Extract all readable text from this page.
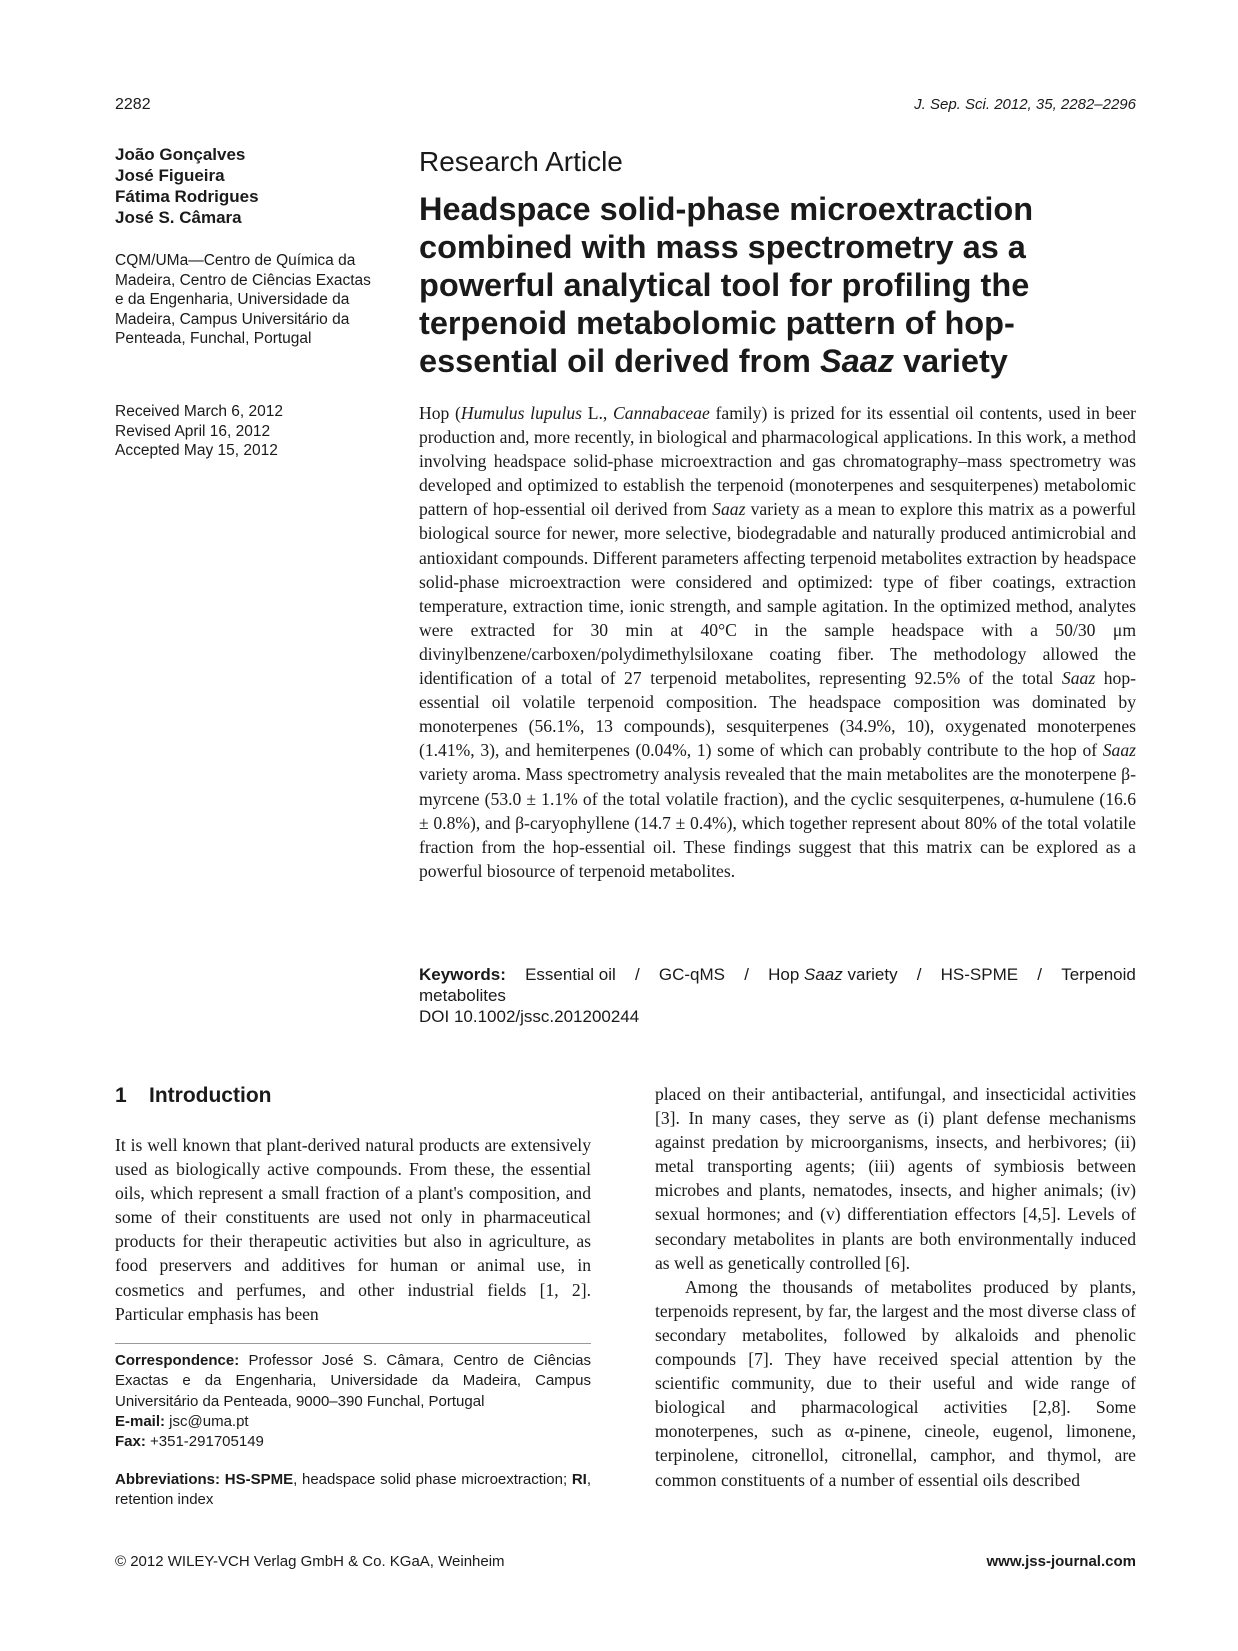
2282	J. Sep. Sci. 2012, 35, 2282–2296
João Gonçalves
José Figueira
Fátima Rodrigues
José S. Câmara
CQM/UMa—Centro de Química da Madeira, Centro de Ciências Exactas e da Engenharia, Universidade da Madeira, Campus Universitário da Penteada, Funchal, Portugal
Received March 6, 2012
Revised April 16, 2012
Accepted May 15, 2012
Research Article
Headspace solid-phase microextraction combined with mass spectrometry as a powerful analytical tool for profiling the terpenoid metabolomic pattern of hop-essential oil derived from Saaz variety
Hop (Humulus lupulus L., Cannabaceae family) is prized for its essential oil contents, used in beer production and, more recently, in biological and pharmacological applications. In this work, a method involving headspace solid-phase microextraction and gas chromatography–mass spectrometry was developed and optimized to establish the terpenoid (monoterpenes and sesquiterpenes) metabolomic pattern of hop-essential oil derived from Saaz variety as a mean to explore this matrix as a powerful biological source for newer, more selective, biodegradable and naturally produced antimicrobial and antioxidant compounds. Different parameters affecting terpenoid metabolites extraction by headspace solid-phase microextraction were considered and optimized: type of fiber coatings, extraction temperature, extraction time, ionic strength, and sample agitation. In the optimized method, analytes were extracted for 30 min at 40°C in the sample headspace with a 50/30 μm divinylbenzene/carboxen/polydimethylsiloxane coating fiber. The methodology allowed the identification of a total of 27 terpenoid metabolites, representing 92.5% of the total Saaz hop-essential oil volatile terpenoid composition. The headspace composition was dominated by monoterpenes (56.1%, 13 compounds), sesquiterpenes (34.9%, 10), oxygenated monoterpenes (1.41%, 3), and hemiterpenes (0.04%, 1) some of which can probably contribute to the hop of Saaz variety aroma. Mass spectrometry analysis revealed that the main metabolites are the monoterpene β-myrcene (53.0 ± 1.1% of the total volatile fraction), and the cyclic sesquiterpenes, α-humulene (16.6 ± 0.8%), and β-caryophyllene (14.7 ± 0.4%), which together represent about 80% of the total volatile fraction from the hop-essential oil. These findings suggest that this matrix can be explored as a powerful biosource of terpenoid metabolites.
Keywords: Essential oil / GC-qMS / Hop Saaz variety / HS-SPME / Terpenoid
metabolites
DOI 10.1002/jssc.201200244
1 Introduction
It is well known that plant-derived natural products are extensively used as biologically active compounds. From these, the essential oils, which represent a small fraction of a plant's composition, and some of their constituents are used not only in pharmaceutical products for their therapeutic activities but also in agriculture, as food preservers and additives for human or animal use, in cosmetics and perfumes, and other industrial fields [1, 2]. Particular emphasis has been

placed on their antibacterial, antifungal, and insecticidal activities [3]. In many cases, they serve as (i) plant defense mechanisms against predation by microorganisms, insects, and herbivores; (ii) metal transporting agents; (iii) agents of symbiosis between microbes and plants, nematodes, insects, and higher animals; (iv) sexual hormones; and (v) differentiation effectors [4,5]. Levels of secondary metabolites in plants are both environmentally induced as well as genetically controlled [6].

Among the thousands of metabolites produced by plants, terpenoids represent, by far, the largest and the most diverse class of secondary metabolites, followed by alkaloids and phenolic compounds [7]. They have received special attention by the scientific community, due to their useful and wide range of biological and pharmacological activities [2,8]. Some monoterpenes, such as α-pinene, cineole, eugenol, limonene, terpinolene, citronellol, citronellal, camphor, and thymol, are common constituents of a number of essential oils described

Correspondence: Professor José S. Câmara, Centro de Ciências Exactas e da Engenharia, Universidade da Madeira, Campus Universitário da Penteada, 9000–390 Funchal, Portugal
E-mail: jsc@uma.pt
Fax: +351-291705149
Abbreviations: HS-SPME, headspace solid phase microextraction; RI, retention index
© 2012 WILEY-VCH Verlag GmbH & Co. KGaA, Weinheim	www.jss-journal.com
